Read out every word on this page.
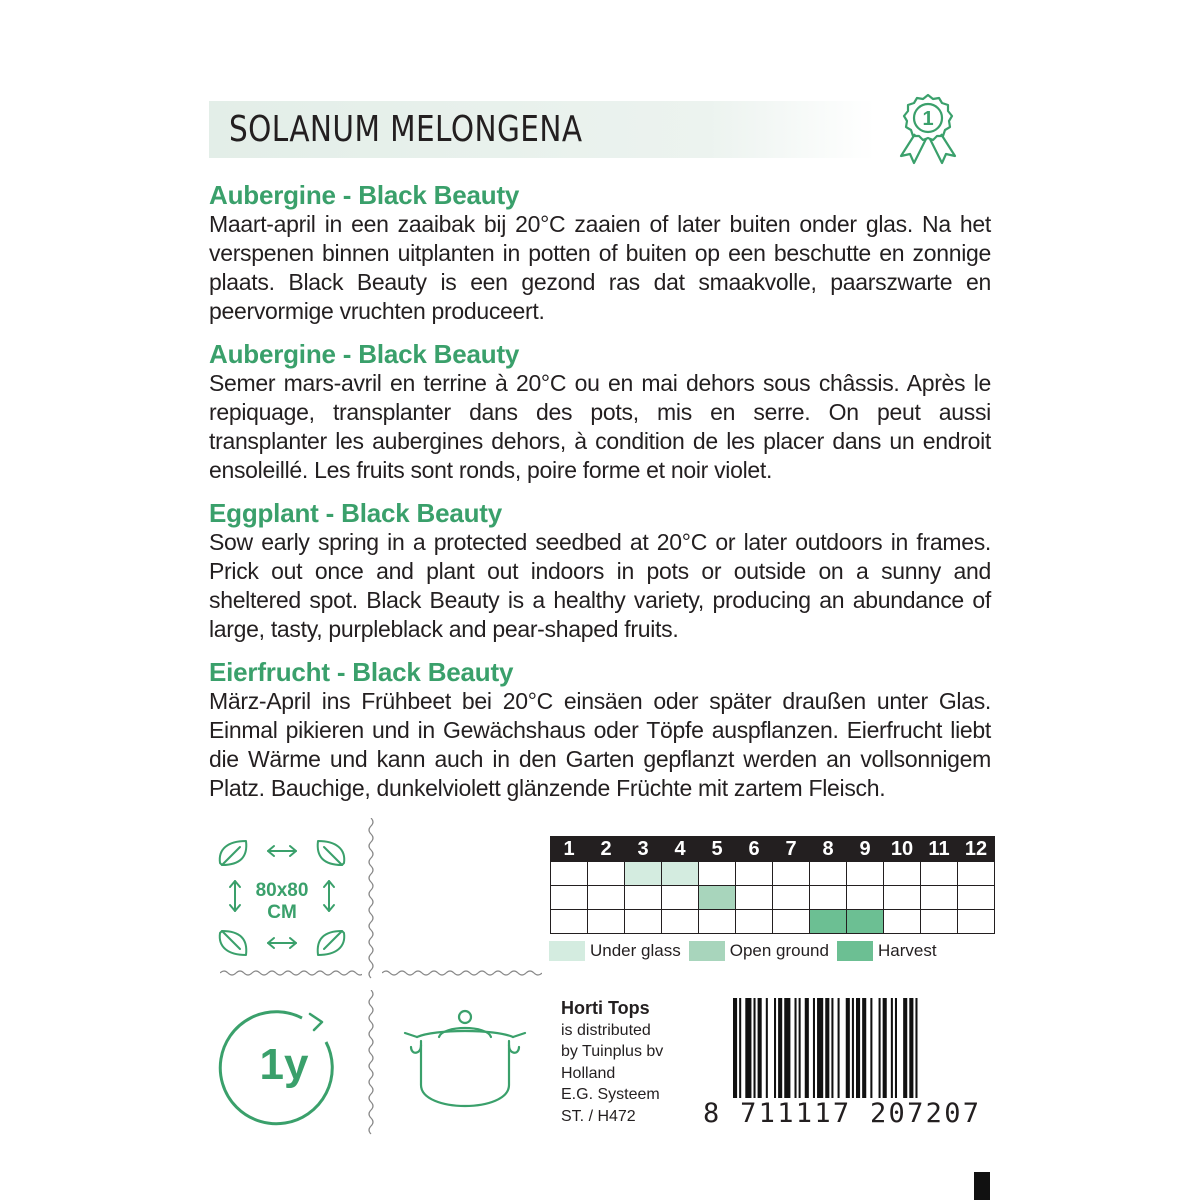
SOLANUM MELONGENA	1
Aubergine - Black Beauty

Maart-april in een zaaibak bij 20°C zaaien of later buiten onder glas. Na het verspenen binnen uitplanten in potten of buiten op een beschutte en zonnige plaats. Black Beauty is een gezond ras dat smaakvolle, paarszwarte en peervormige vruchten produceert.

Aubergine - Black Beauty

Semer mars-avril en terrine à 20°C ou en mai dehors sous châssis. Après le repiquage, transplanter dans des pots, mis en serre. On peut aussi transplanter les aubergines dehors, à condition de les placer dans un endroit ensoleillé. Les fruits sont ronds, poire forme et noir violet.

Eggplant - Black Beauty

Sow early spring in a protected seedbed at 20°C or later outdoors in frames. Prick out once and plant out indoors in pots or outside on a sunny and sheltered spot. Black Beauty is a healthy variety, producing an abundance of large, tasty, purpleblack and pear-shaped fruits.

Eierfrucht - Black Beauty

März-April ins Frühbeet bei 20°C einsäen oder später draußen unter Glas. Einmal pikieren und in Gewächshaus oder Töpfe auspflanzen. Eierfrucht liebt die Wärme und kann auch in den Garten gepflanzt werden an vollsonnigem Platz. Bauchige, dunkelviolett glänzende Früchte mit zartem Fleisch.

80x80
CM
1	2	3	4	5	6	7	8	9	10	11	12

Under glass	Open ground	Harvest
1y
Horti Tops
is distributed
by Tuinplus bv
Holland
E.G. Systeem
ST. / H472	8 711117 207207
